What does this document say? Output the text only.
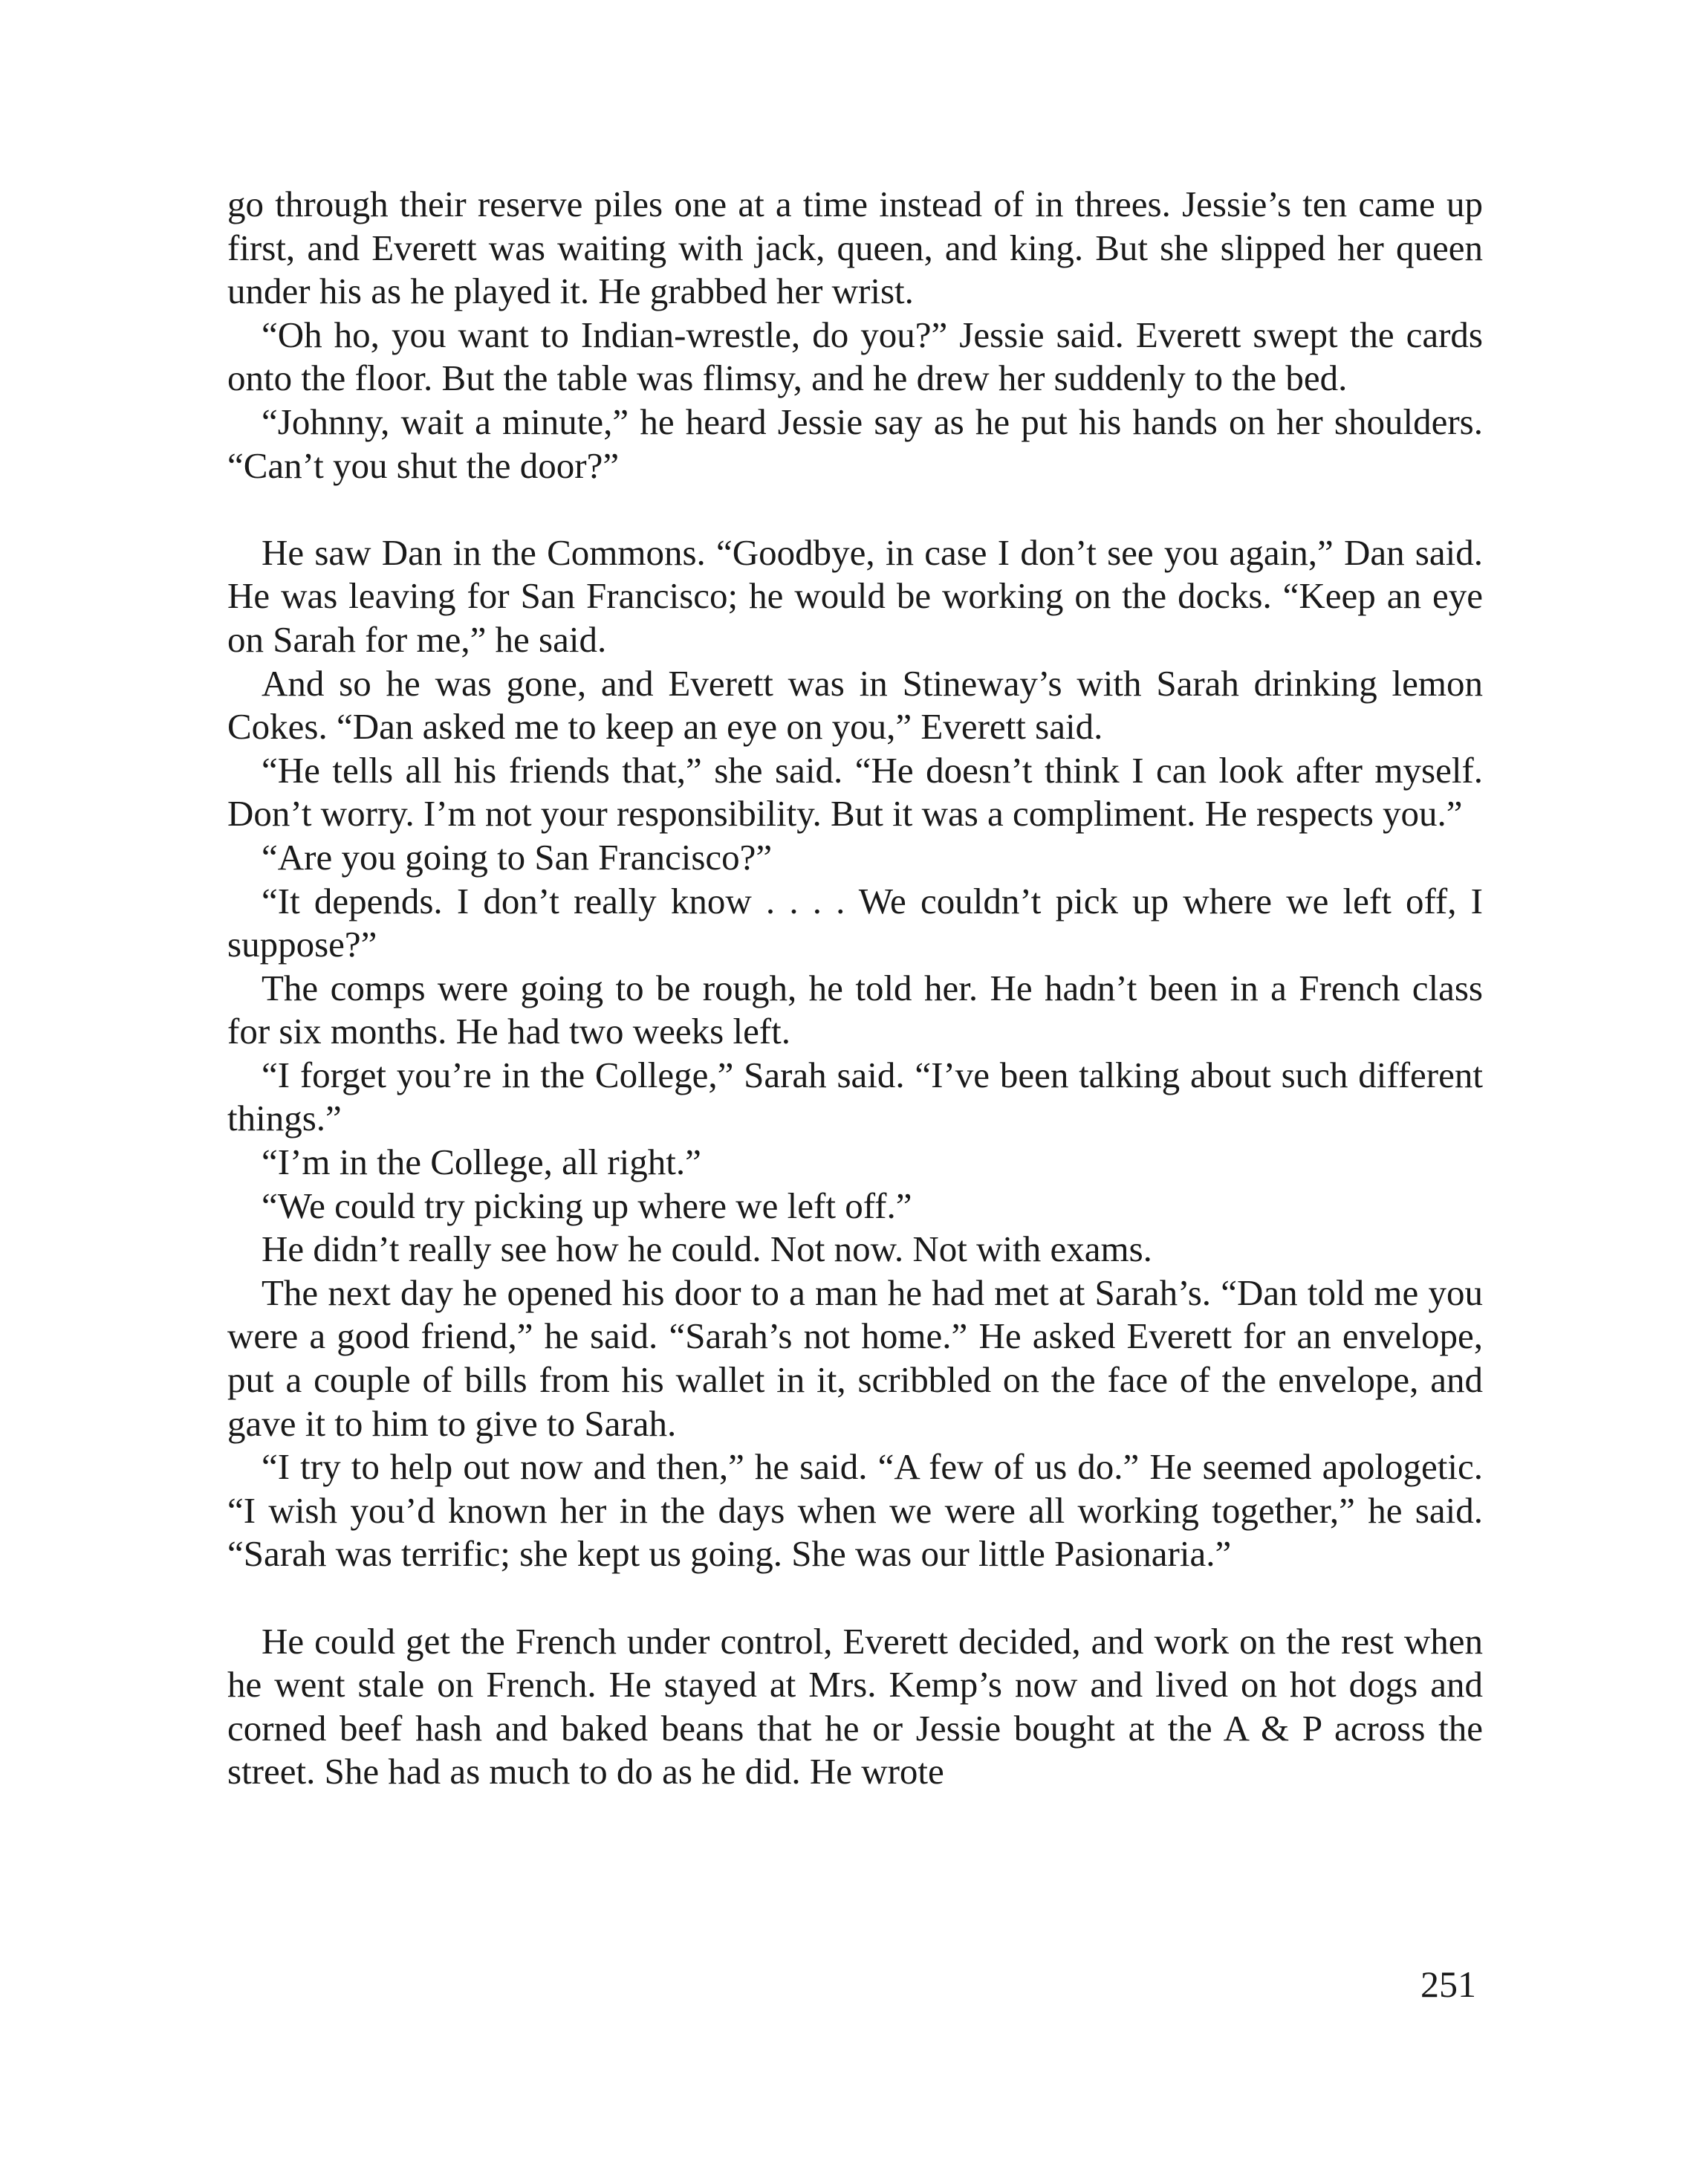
go through their reserve piles one at a time instead of in threes. Jessie’s ten came up first, and Everett was waiting with jack, queen, and king. But she slipped her queen under his as he played it. He grabbed her wrist.

“Oh ho, you want to Indian-wrestle, do you?” Jessie said. Everett swept the cards onto the floor. But the table was flimsy, and he drew her suddenly to the bed.

“Johnny, wait a minute,” he heard Jessie say as he put his hands on her shoulders. “Can’t you shut the door?”

He saw Dan in the Commons. “Goodbye, in case I don’t see you again,” Dan said. He was leaving for San Francisco; he would be working on the docks. “Keep an eye on Sarah for me,” he said.

And so he was gone, and Everett was in Stineway’s with Sarah drinking lemon Cokes. “Dan asked me to keep an eye on you,” Everett said.

“He tells all his friends that,” she said. “He doesn’t think I can look after myself. Don’t worry. I’m not your responsibility. But it was a compliment. He respects you.”

“Are you going to San Francisco?”

“It depends. I don’t really know . . . . We couldn’t pick up where we left off, I suppose?”

The comps were going to be rough, he told her. He hadn’t been in a French class for six months. He had two weeks left.

“I forget you’re in the College,” Sarah said. “I’ve been talking about such different things.”

“I’m in the College, all right.”

“We could try picking up where we left off.”

He didn’t really see how he could. Not now. Not with exams.

The next day he opened his door to a man he had met at Sarah’s. “Dan told me you were a good friend,” he said. “Sarah’s not home.” He asked Everett for an envelope, put a couple of bills from his wallet in it, scribbled on the face of the envelope, and gave it to him to give to Sarah.

“I try to help out now and then,” he said. “A few of us do.” He seemed apologetic. “I wish you’d known her in the days when we were all working together,” he said. “Sarah was terrific; she kept us going. She was our little Pasionaria.”

He could get the French under control, Everett decided, and work on the rest when he went stale on French. He stayed at Mrs. Kemp’s now and lived on hot dogs and corned beef hash and baked beans that he or Jessie bought at the A & P across the street. She had as much to do as he did. He wrote

251
